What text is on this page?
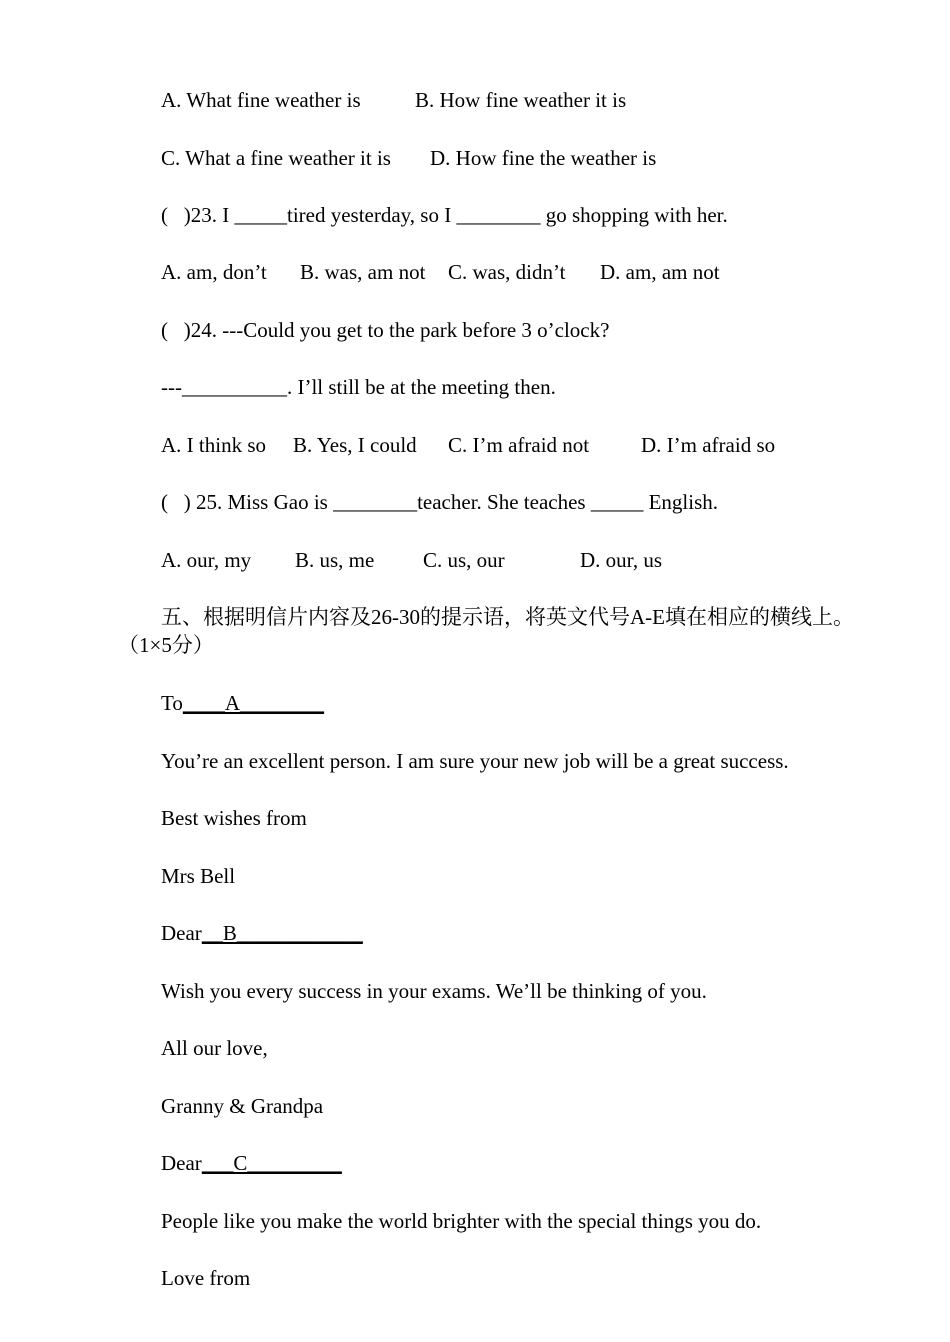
A. What fine weather is

	B. How fine weather it is

C. What a fine weather it is

D. How fine the weather is

(   )23. I _____tired yesterday, so I ________ go shopping with her.

A. am, don’t

B. was, am not

C. was, didn’t

D. am, am not

(   )24. ---Could you get to the park before 3 o’clock?
---__________. I’ll still be at the meeting then.

A. I think so

B. Yes, I could

C. I’m afraid not

D. I’m afraid so

(   ) 25. Miss Gao is ________teacher. She teaches _____ English.

A. our, my

B. us, me

C. us, our

	D. our, us

五、根据明信片内容及26-30的提示语，将英文代号A-E填在相应的横线上。（1×5分）
To____A________
You’re an excellent person. I am sure your new job will be a great success.
Best wishes from
Mrs Bell
Dear__B____________
Wish you every success in your exams. We’ll be thinking of you.
All our love,
Granny & Grandpa
Dear___C_________
People like you make the world brighter with the special things you do.
Love from
